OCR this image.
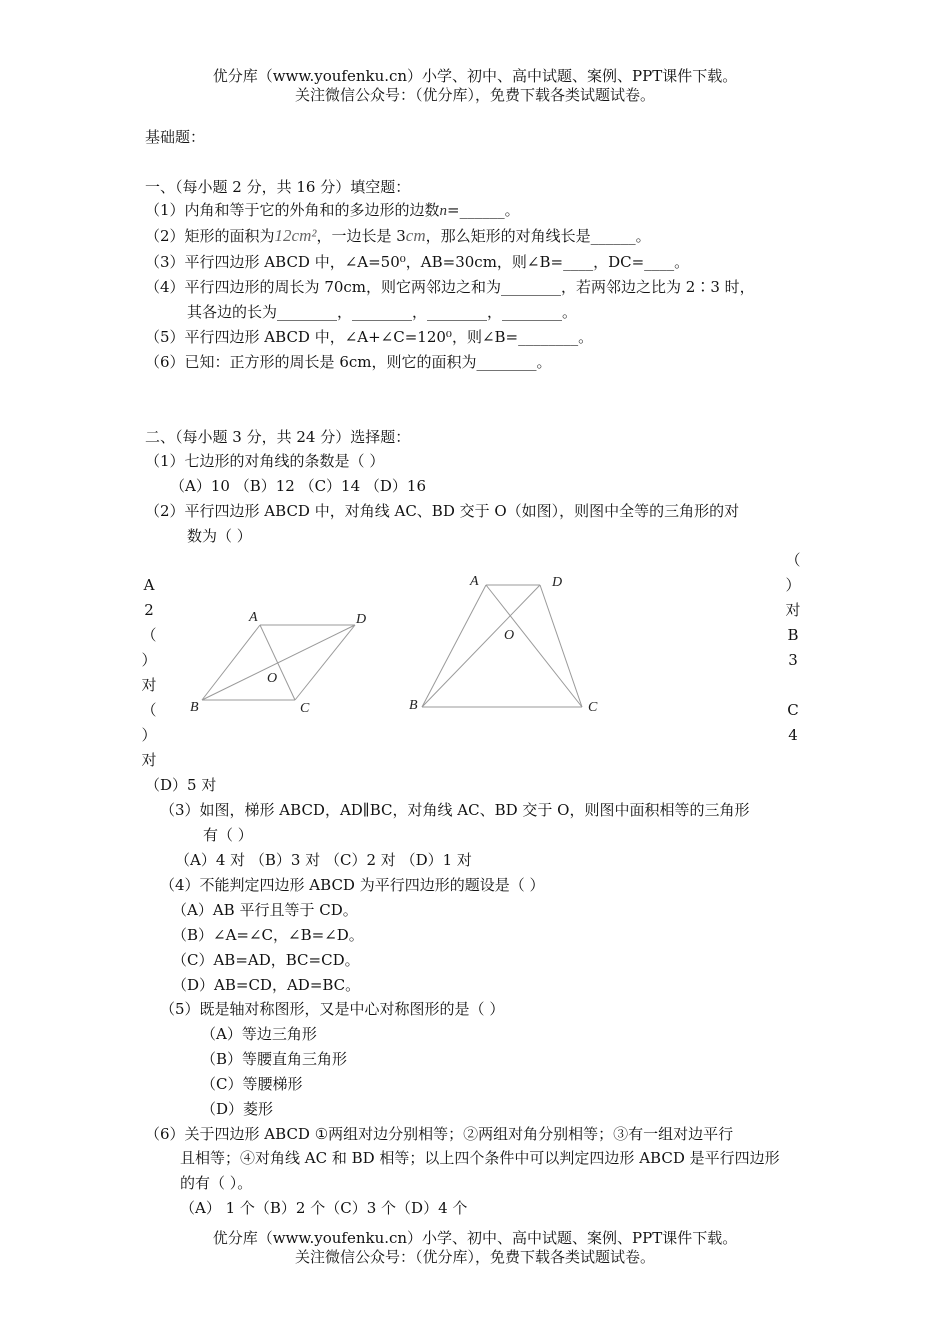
优分库（www.youfenku.cn）小学、初中、高中试题、案例、PPT课件下载。
关注微信公众号：（优分库），免费下载各类试题试卷。
基础题：
一、（每小题 2 分，共 16 分）填空题：
（1）内角和等于它的外角和的多边形的边数n=______。
（2）矩形的面积为12cm²，一边长是 3cm，那么矩形的对角线长是______。
（3）平行四边形 ABCD 中，∠A=50⁰，AB=30cm，则∠B=____，DC=____。
（4）平行四边形的周长为 70cm，则它两邻边之和为________，若两邻边之比为 2∶3 时，
其各边的长为________，________，________，________。
（5）平行四边形 ABCD 中，∠A+∠C=120⁰，则∠B=________。
（6）已知：正方形的周长是 6cm，则它的面积为________。
二、（每小题 3 分，共 24 分）选择题：
（1）七边形的对角线的条数是（ ）
（A）10 （B）12 （C）14 （D）16
（2）平行四边形 ABCD 中，对角线 AC、BD 交于 O（如图），则图中全等的三角形的对
数为（ ）
A
2
（
）
对
（
）
对
（
）
对
B
3
C
4
A	D
B	C
O
A	D
B	C
O
（D）5 对
（3）如图，梯形 ABCD，AD∥BC，对角线 AC、BD 交于 O，则图中面积相等的三角形
有（ ）
（A）4 对 （B）3 对 （C）2 对 （D）1 对
（4）不能判定四边形 ABCD 为平行四边形的题设是（ ）
（A）AB 平行且等于 CD。
（B）∠A=∠C，∠B=∠D。
（C）AB=AD，BC=CD。
（D）AB=CD，AD=BC。
（5）既是轴对称图形，又是中心对称图形的是（ ）
（A）等边三角形
（B）等腰直角三角形
（C）等腰梯形
（D）菱形
（6）关于四边形 ABCD ①两组对边分别相等；②两组对角分别相等；③有一组对边平行
且相等；④对角线 AC 和 BD 相等；以上四个条件中可以判定四边形 ABCD 是平行四边形
的有（ ）。
（A） 1 个（B）2 个（C）3 个（D）4 个
优分库（www.youfenku.cn）小学、初中、高中试题、案例、PPT课件下载。
关注微信公众号：（优分库），免费下载各类试题试卷。
